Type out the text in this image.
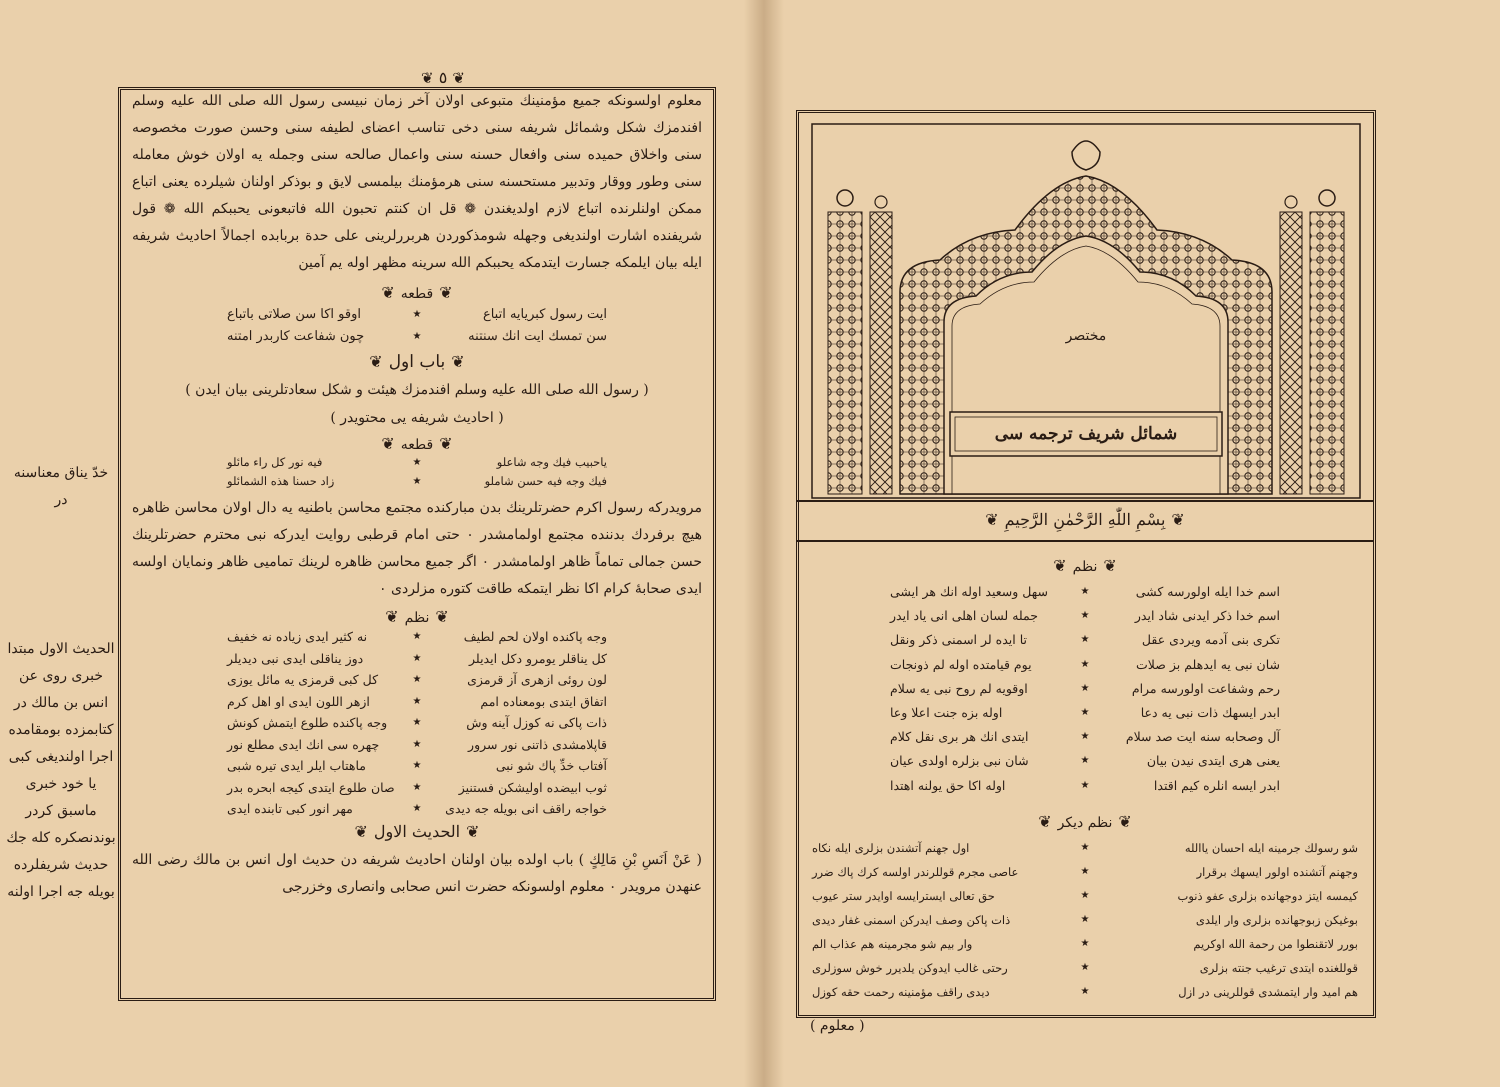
خدّ يناق معناسنه در
الحديث الاول مبتدا خبرى روى عن انس بن مالك در كتابمزده بومقامده اجرا اولنديغى كبى يا خود خبرى ماسبق كردر بوندنصكره كله جك حديث شريفلرده بويله جه اجرا اولنه
❦ ٥ ❦
معلوم اولسونكه جميع مؤمنينك متبوعى اولان آخر زمان نبيسى رسول الله صلى الله عليه وسلم افندمزك شكل وشمائل شريفه سنى دخى تناسب اعضاى لطيفه سنى وحسن صورت مخصوصه سنى واخلاق حميده سنى وافعال حسنه سنى واعمال صالحه سنى وجمله يه اولان خوش معامله سنى وطور ووقار وتدبير مستحسنه سنى هرمؤمنك بيلمسى لايق و بوذكر اولنان شيلرده يعنى اتباع ممكن اولنلرنده اتباع لازم اولديغندن ❁ قل ان كنتم تحبون الله فاتبعونى يحببكم الله ❁ قول شريفنده اشارت اولنديغى وجهله شومذكوردن هربررلرينى على حدة بربابده اجمالاً احاديث شريفه ايله بيان ايلمكه جسارت ايتدمكه يحببكم الله سرينه مظهر اوله يم آمين
❦ قطعه ❦
ايت رسول كبريايه اتباع
★
اوقو اكا سن صلاتى باتباع
سن تمسك ايت انك سنتنه
★
چون شفاعت كاربدر امتنه
❦ باب اول ❦
( رسول الله صلى الله عليه وسلم افندمزك هيئت و شكل سعادتلرينى بيان ايدن )
( احاديث شريفه يى محتويدر )
❦ قطعه ❦
ياحبيب فيك وجه شاعلو
★
فيه نور كل راء مائلو
فيك وجه فيه حسن شاملو
★
زاد حسنا هذه الشمائلو
مرويدركه رسول اكرم حضرتلرينك بدن مباركنده مجتمع محاسن باطنيه يه دال اولان محاسن ظاهره هيچ برفردك بدننده مجتمع اولمامشدر ٠ حتى امام قرطبى روايت ايدركه نبى محترم حضرتلرينك حسن جمالى تماماً ظاهر اولمامشدر ٠ اگر جميع محاسن ظاهره لرينك تماميى ظاهر ونمايان اولسه ايدى صحابهٔ كرام اكا نظر ايتمكه طاقت كتوره مزلردى ٠
❦ نظم ❦
وجه پاكنده اولان لحم لطيف
★
نه كثير ايدى زياده نه خفيف
كل يناقلر يومرو دكل ايديلر
★
دوز يناقلى ايدى نبى ديديلر
لون روئى ازهرى آز قرمزى
★
كل كبى قرمزى يه مائل يوزى
اتفاق ايتدى بومعناده امم
★
ازهر اللون ايدى او اهل كرم
ذات پاكى نه كوزل آينه وش
★
وجه پاكنده طلوع ايتمش كونش
قاپلامشدى ذاتنى نور سرور
★
چهره سى انك ايدى مطلع نور
آفتاب خدِّ پاك شو نبى
★
ماهتاب ايلر ايدى تيره شبى
ثوب ابيضده اوليشكن فستنيز
★
صان طلوع ايتدى كيجه ابحره بدر
خواجه راقف انى بويله جه ديدى
★
مهر انور كبى تابنده ايدى
❦ الحديث الاول ❦
( عَنْ اَنَسِ بْنِ مَالِكٍ ) باب اولده بيان اولنان احاديث شريفه دن حديث اول انس بن مالك رضى الله عنهدن مرويدر ٠ معلوم اولسونكه حضرت انس صحابى وانصارى وخزرجى
مختصر
شمائل شريف ترجمه سى
❦ بِسْمِ اللّٰهِ الرَّحْمٰنِ الرَّحِيمِ ❦
❦ نظم ❦
اسم خدا ايله اولورسه كشى
★
سهل وسعيد اوله انك هر ايشى
اسم خدا ذكر ايدنى شاد ايدر
★
جمله لسان اهلى انى ياد ايدر
تكرى بنى آدمه ويردى عقل
★
تا ايده لر اسمنى ذكر ونقل
شان نبى يه ايدهلم بز صلات
★
يوم قيامتده اوله لم ذونجات
رحم وشفاعت اولورسه مرام
★
اوقويه لم روح نبى يه سلام
ابدر ايسهك ذات نبى يه دعا
★
اوله بزه جنت اعلا وعا
آل وصحابه سنه ايت صد سلام
★
ايتدى انك هر برى نقل كلام
يعنى هرى ايتدى نيدن بيان
★
شان نبى بزلره اولدى عيان
ابدر ايسه انلره كيم اقتدا
★
اوله اكا حق يولنه اهتدا
❦ نظم ديكر ❦
شو رسولك جرمينه ايله احسان ياالله
★
اول جهنم آتشندن بزلرى ايله نكاه
وجهنم آتشنده اولور ايسهك برقرار
★
عاصى مجرم قوللرندر اولسه كرك پاك ضرر
كيمسه ايتز دوجهانده بزلرى عفو ذنوب
★
حق تعالى ايسترايسه اوايدر ستر عيوب
بوغيكن زبوجهانده بزلرى وار ايلدى
★
ذات پاكن وصف ايدركن اسمنى غفار ديدى
بورر لاتقنطوا من رحمة الله اوكريم
★
وار بيم شو مجرمينه هم عذاب الم
قوللغنده ايتدى ترغيب جنته بزلرى
★
رحتى غالب ايدوكن يلديرر خوش سوزلرى
هم اميد وار ايتمشدى قوللرينى در ازل
★
ديدى راقف مؤمنينه رحمت حقه كوزل
( معلوم )
